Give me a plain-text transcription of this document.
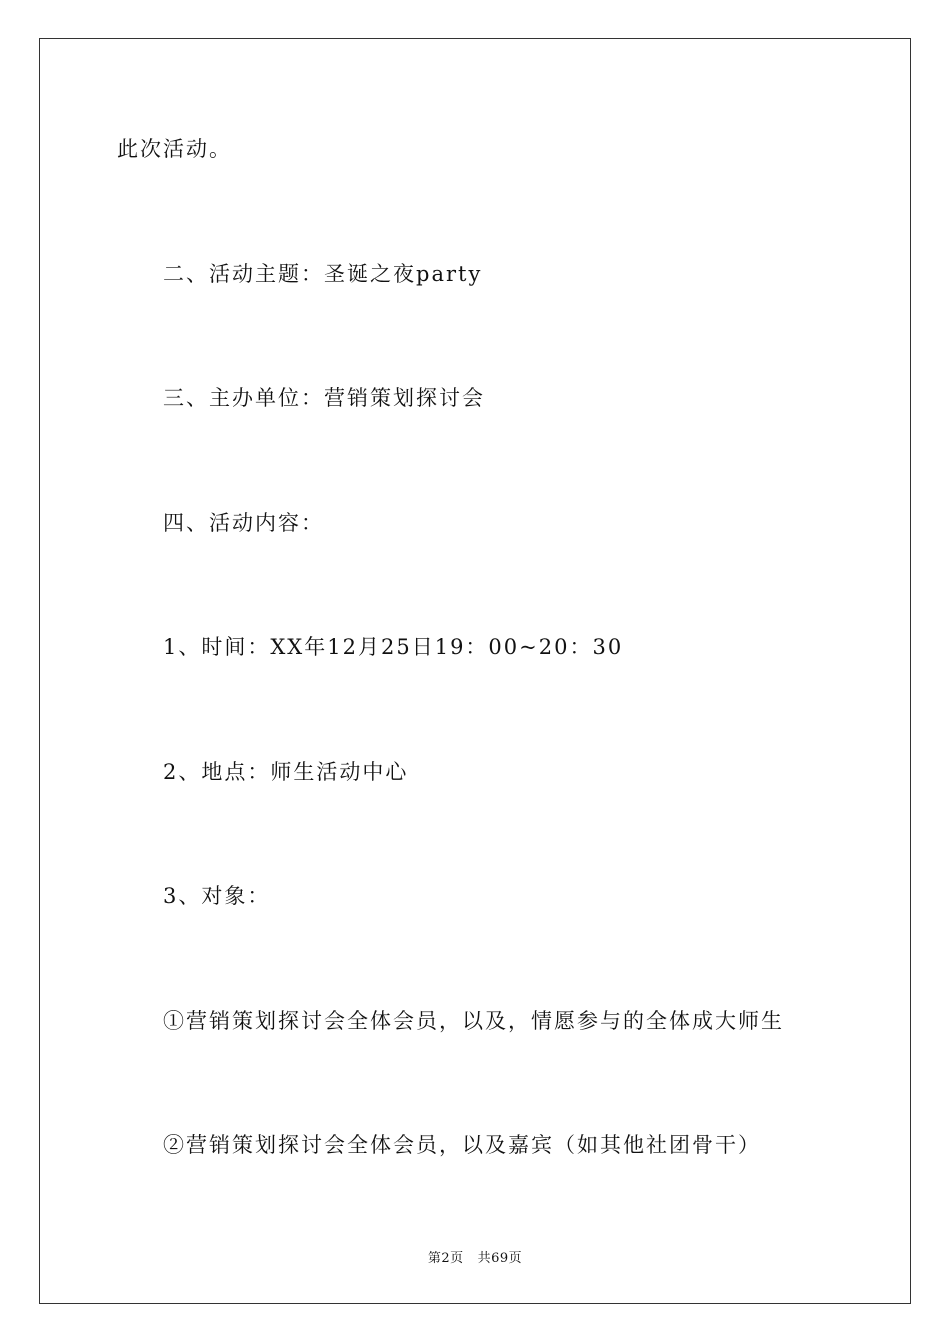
此次活动。
二、活动主题：圣诞之夜party
三、主办单位：营销策划探讨会
四、活动内容：
1、时间：XX年12月25日19：00~20：30
2、地点：师生活动中心
3、对象：
①营销策划探讨会全体会员，以及，情愿参与的全体成大师生
②营销策划探讨会全体会员，以及嘉宾（如其他社团骨干）
第2页 共69页
